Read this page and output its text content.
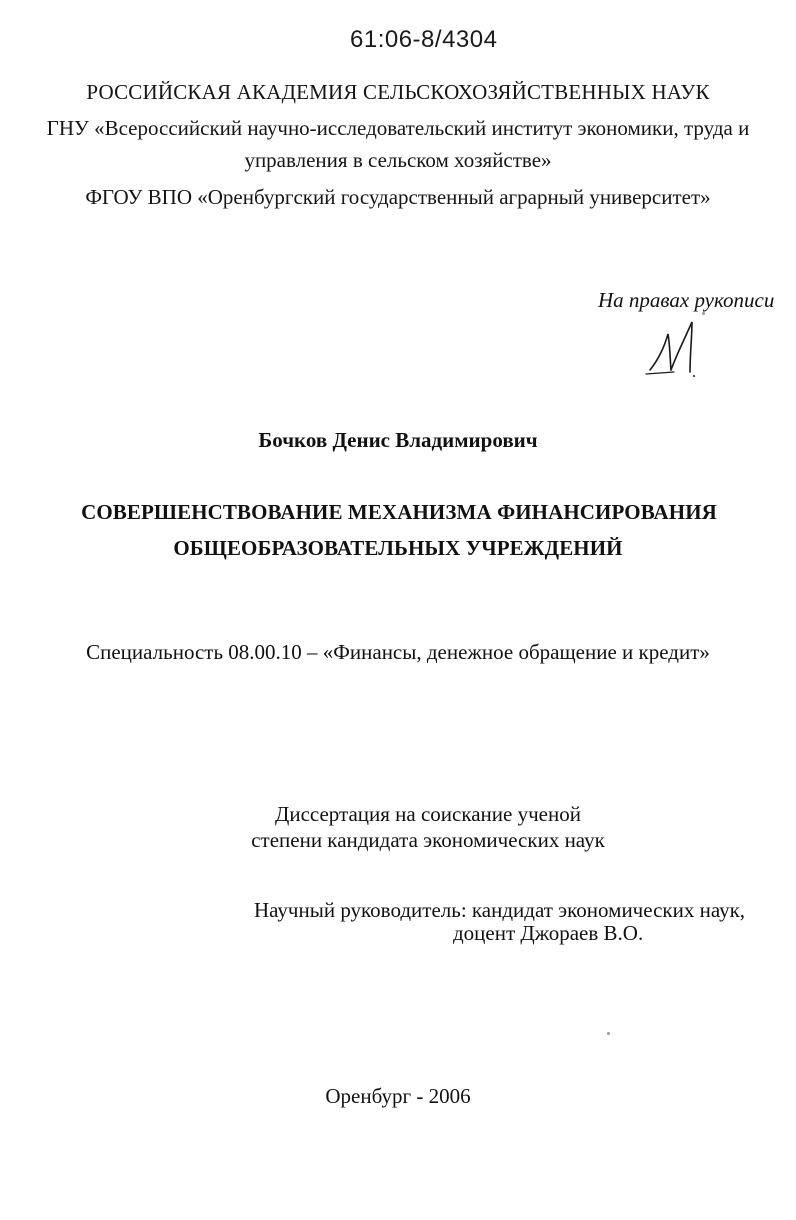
61:06-8/4304
РОССИЙСКАЯ АКАДЕМИЯ СЕЛЬСКОХОЗЯЙСТВЕННЫХ НАУК
ГНУ «Всероссийский научно-исследовательский институт экономики, труда и
управления в сельском хозяйстве»
ФГОУ ВПО «Оренбургский государственный аграрный университет»
На правах рукописи
Бочков Денис Владимирович
СОВЕРШЕНСТВОВАНИЕ МЕХАНИЗМА ФИНАНСИРОВАНИЯ
ОБЩЕОБРАЗОВАТЕЛЬНЫХ УЧРЕЖДЕНИЙ
Специальность 08.00.10 – «Финансы, денежное обращение и кредит»
Диссертация на соискание ученой
степени кандидата экономических наук
Научный руководитель: кандидат экономических наук,
доцент Джораев В.О.
Оренбург - 2006
